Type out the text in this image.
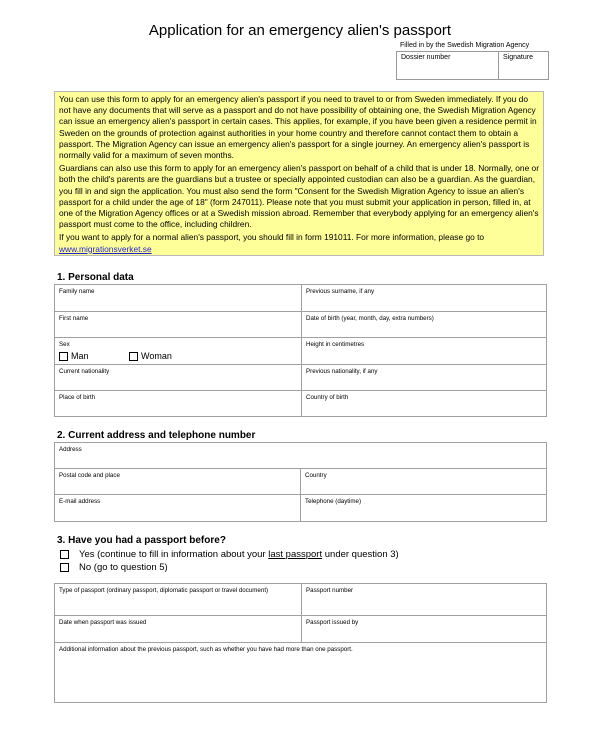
Application for an emergency alien's passport
Filled in by the Swedish Migration Agency
Dossier number	Signature

You can use this form to apply for an emergency alien's passport if you need to travel to or from Sweden immediately. If you do not have any documents that will serve as a passport and do not have possibility of obtaining one, the Swedish Migration Agency can issue an emergency alien's passport in certain cases. This applies, for example, if you have been given a residence permit in Sweden on the grounds of protection against authorities in your home country and therefore cannot contact them to obtain a passport. The Migration Agency can issue an emergency alien's passport for a single journey. An emergency alien's passport is normally valid for a maximum of seven months.

Guardians can also use this form to apply for an emergency alien's passport on behalf of a child that is under 18. Normally, one or both the child's parents are the guardians but a trustee or specially appointed custodian can also be a guardian. As the guardian, you fill in and sign the application. You must also send the form "Consent for the Swedish Migration Agency to issue an alien's passport for a child under the age of 18" (form 247011). Please note that you must submit your application in person, filled in, at one of the Migration Agency offices or at a Swedish mission abroad. Remember that everybody applying for an emergency alien's passport must come to the office, including children.

If you want to apply for a normal alien's passport, you should fill in form 191011. For more information, please go to www.migrationsverket.se

1. Personal data
Family name	Previous surname, if any
First name	Date of birth (year, month, day, extra numbers)
Sex
Man Woman	Height in centimetres
Current nationality	Previous nationality, if any
Place of birth	Country of birth
2. Current address and telephone number
Address	
Postal code and place	Country
E-mail address	Telephone (daytime)
3. Have you had a passport before?
Yes (continue to fill in information about your last passport under question 3)
No (go to question 5)
Type of passport (ordinary passport, diplomatic passport or travel document)	Passport number
Date when passport was issued	Passport issued by
Additional information about the previous passport, such as whether you have had more than one passport.	
